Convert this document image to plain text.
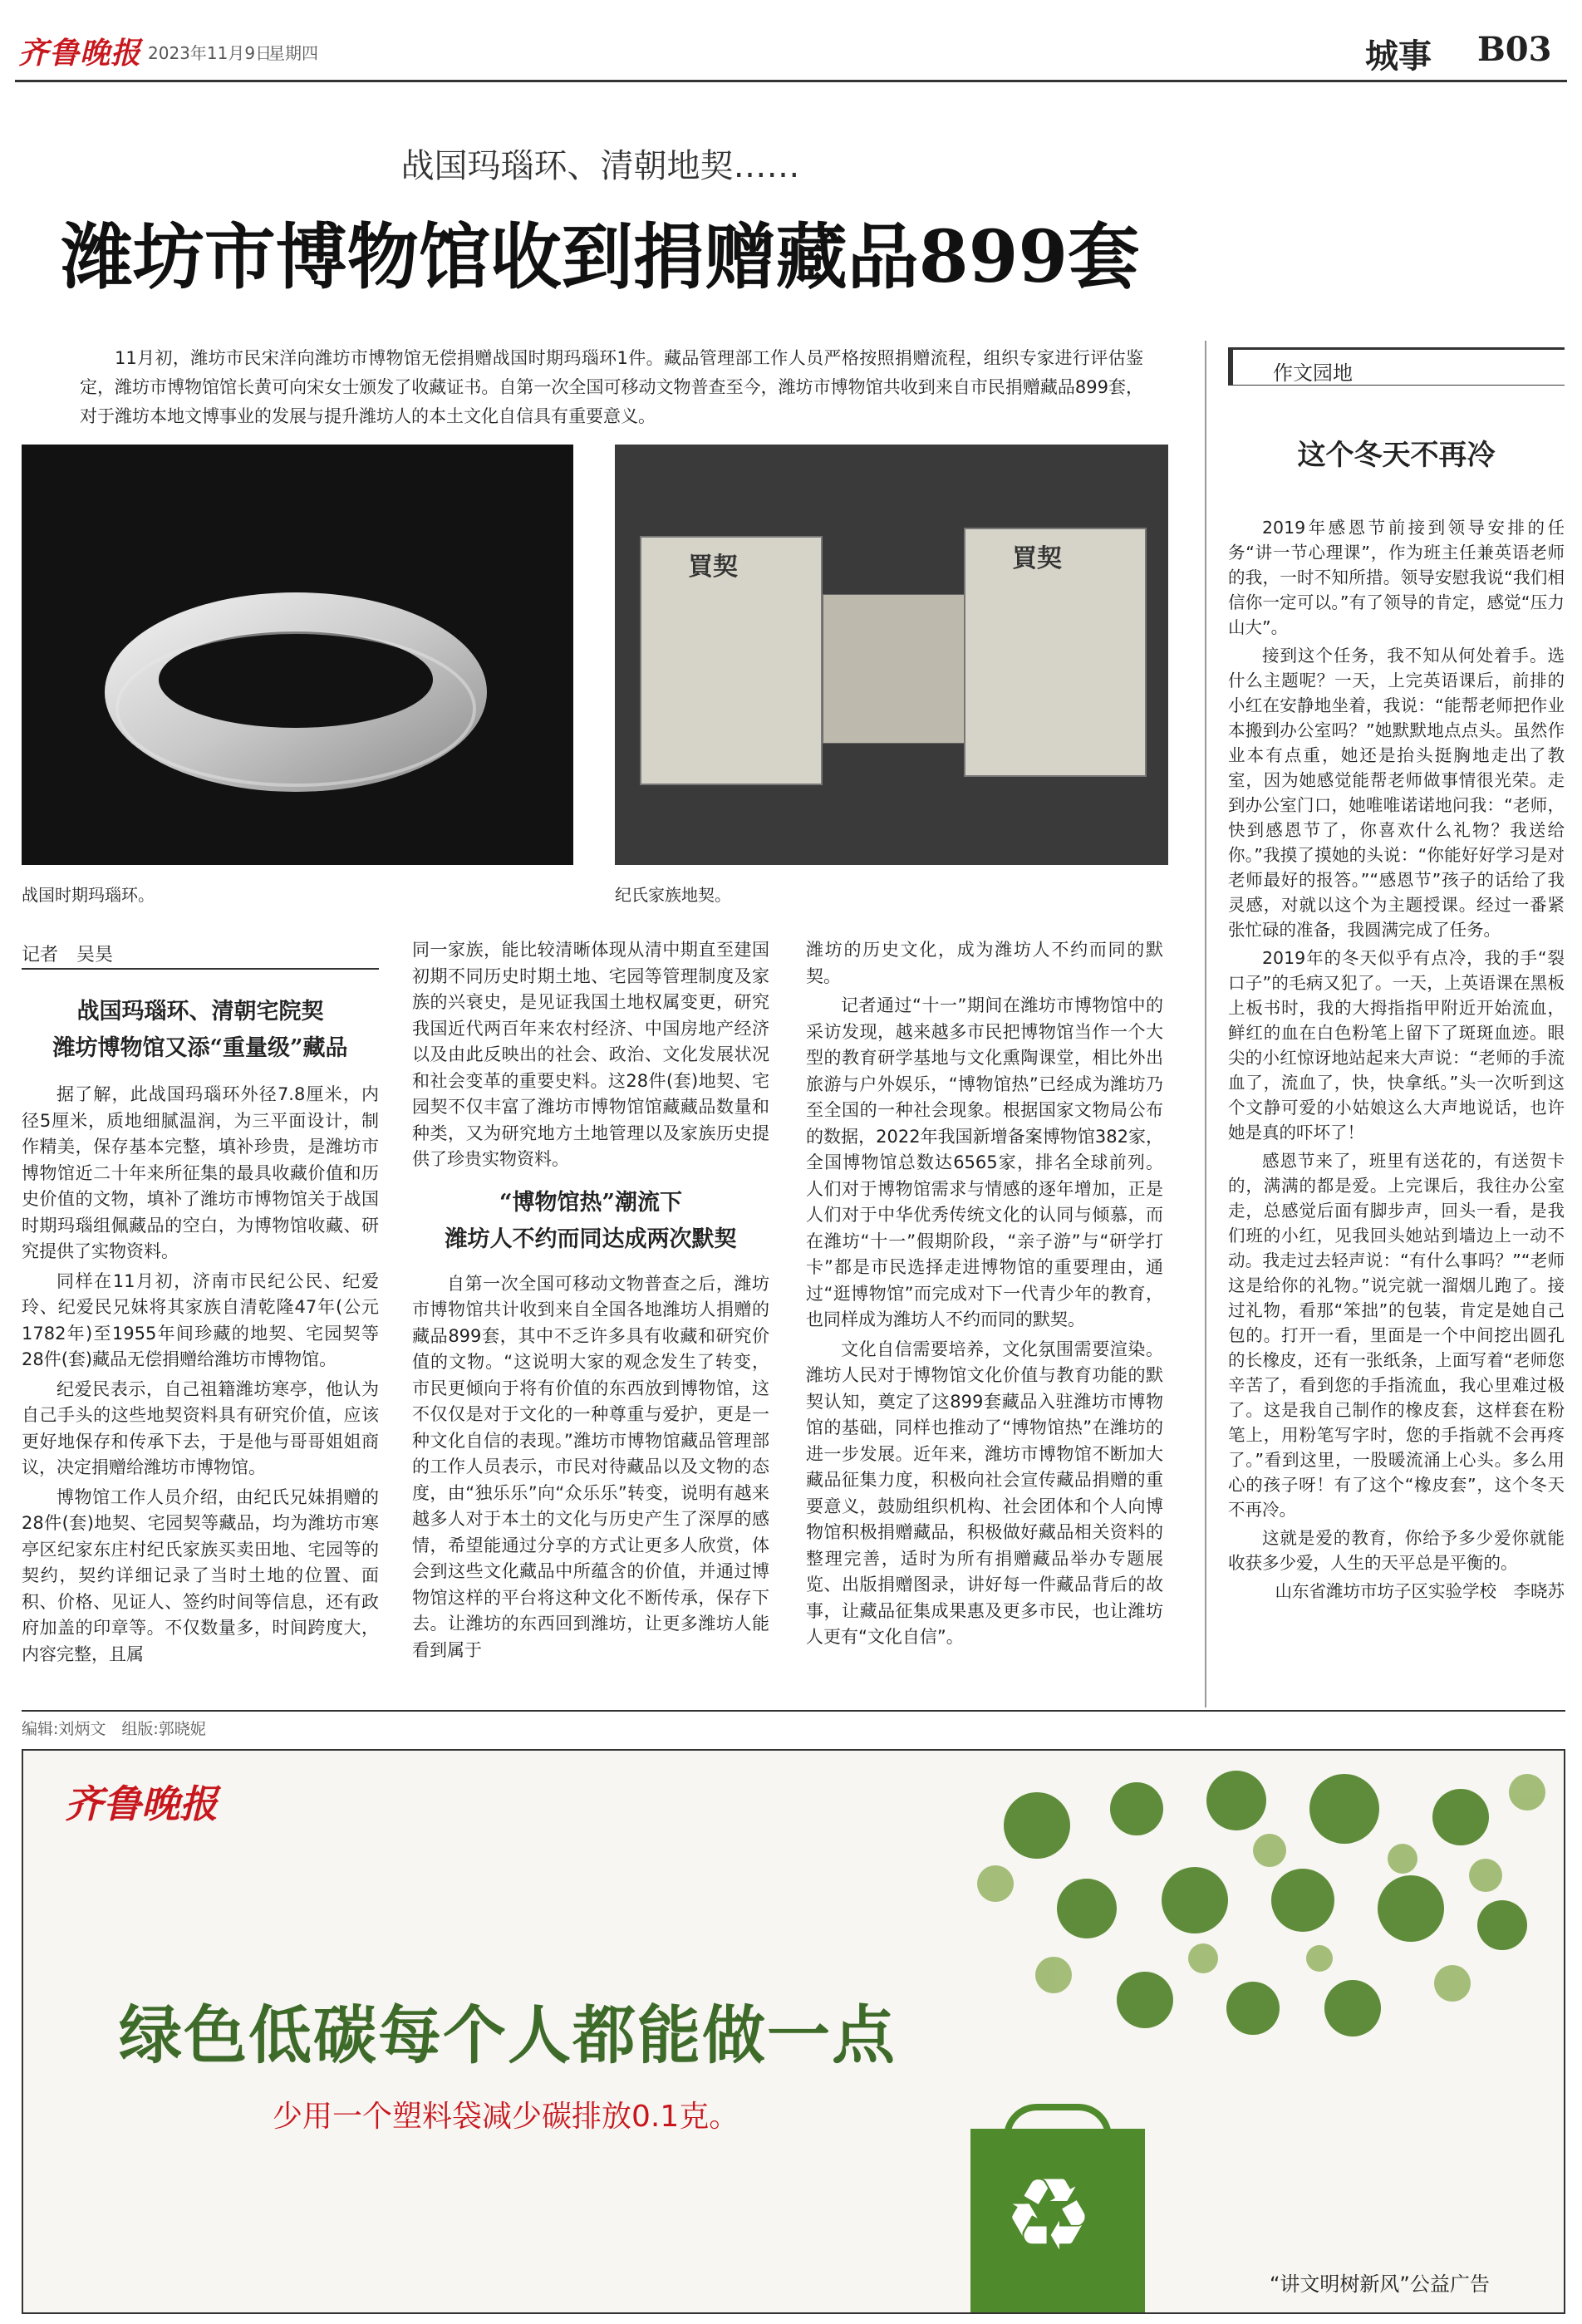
齐鲁晚报 2023年11月9日
星期四	城事 B03
战国玛瑙环、清朝地契……
潍坊市博物馆收到捐赠藏品899套
11月初，潍坊市民宋洋向潍坊市博物馆无偿捐赠战国时期玛瑙环1件。藏品管理部工作人员严格按照捐赠流程，组织专家进行评估鉴定，潍坊市博物馆馆长黄可向宋女士颁发了收藏证书。自第一次全国可移动文物普查至今，潍坊市博物馆共收到来自市民捐赠藏品899套，对于潍坊本地文博事业的发展与提升潍坊人的本土文化自信具有重要意义。
战国时期玛瑙环。
買契	買契
纪氏家族地契。
记者　吴昊
战国玛瑙环、清朝宅院契
潍坊博物馆又添“重量级”藏品

据了解，此战国玛瑙环外径7.8厘米，内径5厘米，质地细腻温润，为三平面设计，制作精美，保存基本完整，填补珍贵，是潍坊市博物馆近二十年来所征集的最具收藏价值和历史价值的文物，填补了潍坊市博物馆关于战国时期玛瑙组佩藏品的空白，为博物馆收藏、研究提供了实物资料。

同样在11月初，济南市民纪公民、纪爱玲、纪爱民兄妹将其家族自清乾隆47年(公元1782年)至1955年间珍藏的地契、宅园契等28件(套)藏品无偿捐赠给潍坊市博物馆。

纪爱民表示，自己祖籍潍坊寒亭，他认为自己手头的这些地契资料具有研究价值，应该更好地保存和传承下去，于是他与哥哥姐姐商议，决定捐赠给潍坊市博物馆。

博物馆工作人员介绍，由纪氏兄妹捐赠的28件(套)地契、宅园契等藏品，均为潍坊市寒亭区纪家东庄村纪氏家族买卖田地、宅园等的契约，契约详细记录了当时土地的位置、面积、价格、见证人、签约时间等信息，还有政府加盖的印章等。不仅数量多，时间跨度大，内容完整，且属

同一家族，能比较清晰体现从清中期直至建国初期不同历史时期土地、宅园等管理制度及家族的兴衰史，是见证我国土地权属变更，研究我国近代两百年来农村经济、中国房地产经济以及由此反映出的社会、政治、文化发展状况和社会变革的重要史料。这28件(套)地契、宅园契不仅丰富了潍坊市博物馆馆藏藏品数量和种类，又为研究地方土地管理以及家族历史提供了珍贵实物资料。

“博物馆热”潮流下
潍坊人不约而同达成两次默契

自第一次全国可移动文物普查之后，潍坊市博物馆共计收到来自全国各地潍坊人捐赠的藏品899套，其中不乏许多具有收藏和研究价值的文物。“这说明大家的观念发生了转变，市民更倾向于将有价值的东西放到博物馆，这不仅仅是对于文化的一种尊重与爱护，更是一种文化自信的表现。”潍坊市博物馆藏品管理部的工作人员表示，市民对待藏品以及文物的态度，由“独乐乐”向“众乐乐”转变，说明有越来越多人对于本土的文化与历史产生了深厚的感情，希望能通过分享的方式让更多人欣赏，体会到这些文化藏品中所蕴含的价值，并通过博物馆这样的平台将这种文化不断传承，保存下去。让潍坊的东西回到潍坊，让更多潍坊人能看到属于

潍坊的历史文化，成为潍坊人不约而同的默契。

记者通过“十一”期间在潍坊市博物馆中的采访发现，越来越多市民把博物馆当作一个大型的教育研学基地与文化熏陶课堂，相比外出旅游与户外娱乐，“博物馆热”已经成为潍坊乃至全国的一种社会现象。根据国家文物局公布的数据，2022年我国新增备案博物馆382家，全国博物馆总数达6565家，排名全球前列。人们对于博物馆需求与情感的逐年增加，正是人们对于中华优秀传统文化的认同与倾慕，而在潍坊“十一”假期阶段，“亲子游”与“研学打卡”都是市民选择走进博物馆的重要理由，通过“逛博物馆”而完成对下一代青少年的教育，也同样成为潍坊人不约而同的默契。

文化自信需要培养，文化氛围需要渲染。潍坊人民对于博物馆文化价值与教育功能的默契认知，奠定了这899套藏品入驻潍坊市博物馆的基础，同样也推动了“博物馆热”在潍坊的进一步发展。近年来，潍坊市博物馆不断加大藏品征集力度，积极向社会宣传藏品捐赠的重要意义，鼓励组织机构、社会团体和个人向博物馆积极捐赠藏品，积极做好藏品相关资料的整理完善，适时为所有捐赠藏品举办专题展览、出版捐赠图录，讲好每一件藏品背后的故事，让藏品征集成果惠及更多市民，也让潍坊人更有“文化自信”。

作文园地
这个冬天不再冷

2019年感恩节前接到领导安排的任务“讲一节心理课”，作为班主任兼英语老师的我，一时不知所措。领导安慰我说“我们相信你一定可以。”有了领导的肯定，感觉“压力山大”。

接到这个任务，我不知从何处着手。选什么主题呢？一天，上完英语课后，前排的小红在安静地坐着，我说：“能帮老师把作业本搬到办公室吗？”她默默地点点头。虽然作业本有点重，她还是抬头挺胸地走出了教室，因为她感觉能帮老师做事情很光荣。走到办公室门口，她唯唯诺诺地问我：“老师，快到感恩节了，你喜欢什么礼物？我送给你。”我摸了摸她的头说：“你能好好学习是对老师最好的报答。”“感恩节”孩子的话给了我灵感，对就以这个为主题授课。经过一番紧张忙碌的准备，我圆满完成了任务。

2019年的冬天似乎有点冷，我的手“裂口子”的毛病又犯了。一天，上英语课在黑板上板书时，我的大拇指指甲附近开始流血，鲜红的血在白色粉笔上留下了斑斑血迹。眼尖的小红惊讶地站起来大声说：“老师的手流血了，流血了，快，快拿纸。”头一次听到这个文静可爱的小姑娘这么大声地说话，也许她是真的吓坏了！

感恩节来了，班里有送花的，有送贺卡的，满满的都是爱。上完课后，我往办公室走，总感觉后面有脚步声，回头一看，是我们班的小红，见我回头她站到墙边上一动不动。我走过去轻声说：“有什么事吗？”“老师这是给你的礼物。”说完就一溜烟儿跑了。接过礼物，看那“笨拙”的包装，肯定是她自己包的。打开一看，里面是一个中间挖出圆孔的长橡皮，还有一张纸条，上面写着“老师您辛苦了，看到您的手指流血，我心里难过极了。这是我自己制作的橡皮套，这样套在粉笔上，用粉笔写字时，您的手指就不会再疼了。”看到这里，一股暖流涌上心头。多么用心的孩子呀！有了这个“橡皮套”，这个冬天不再冷。

这就是爱的教育，你给予多少爱你就能收获多少爱，人生的天平总是平衡的。

山东省潍坊市坊子区实验学校　李晓苏

编辑:刘炳文　组版:郭晓妮
齐鲁晚报
绿色低碳每个人都能做一点
少用一个塑料袋减少碳排放0.1克。
♻
“讲文明树新风”公益广告
